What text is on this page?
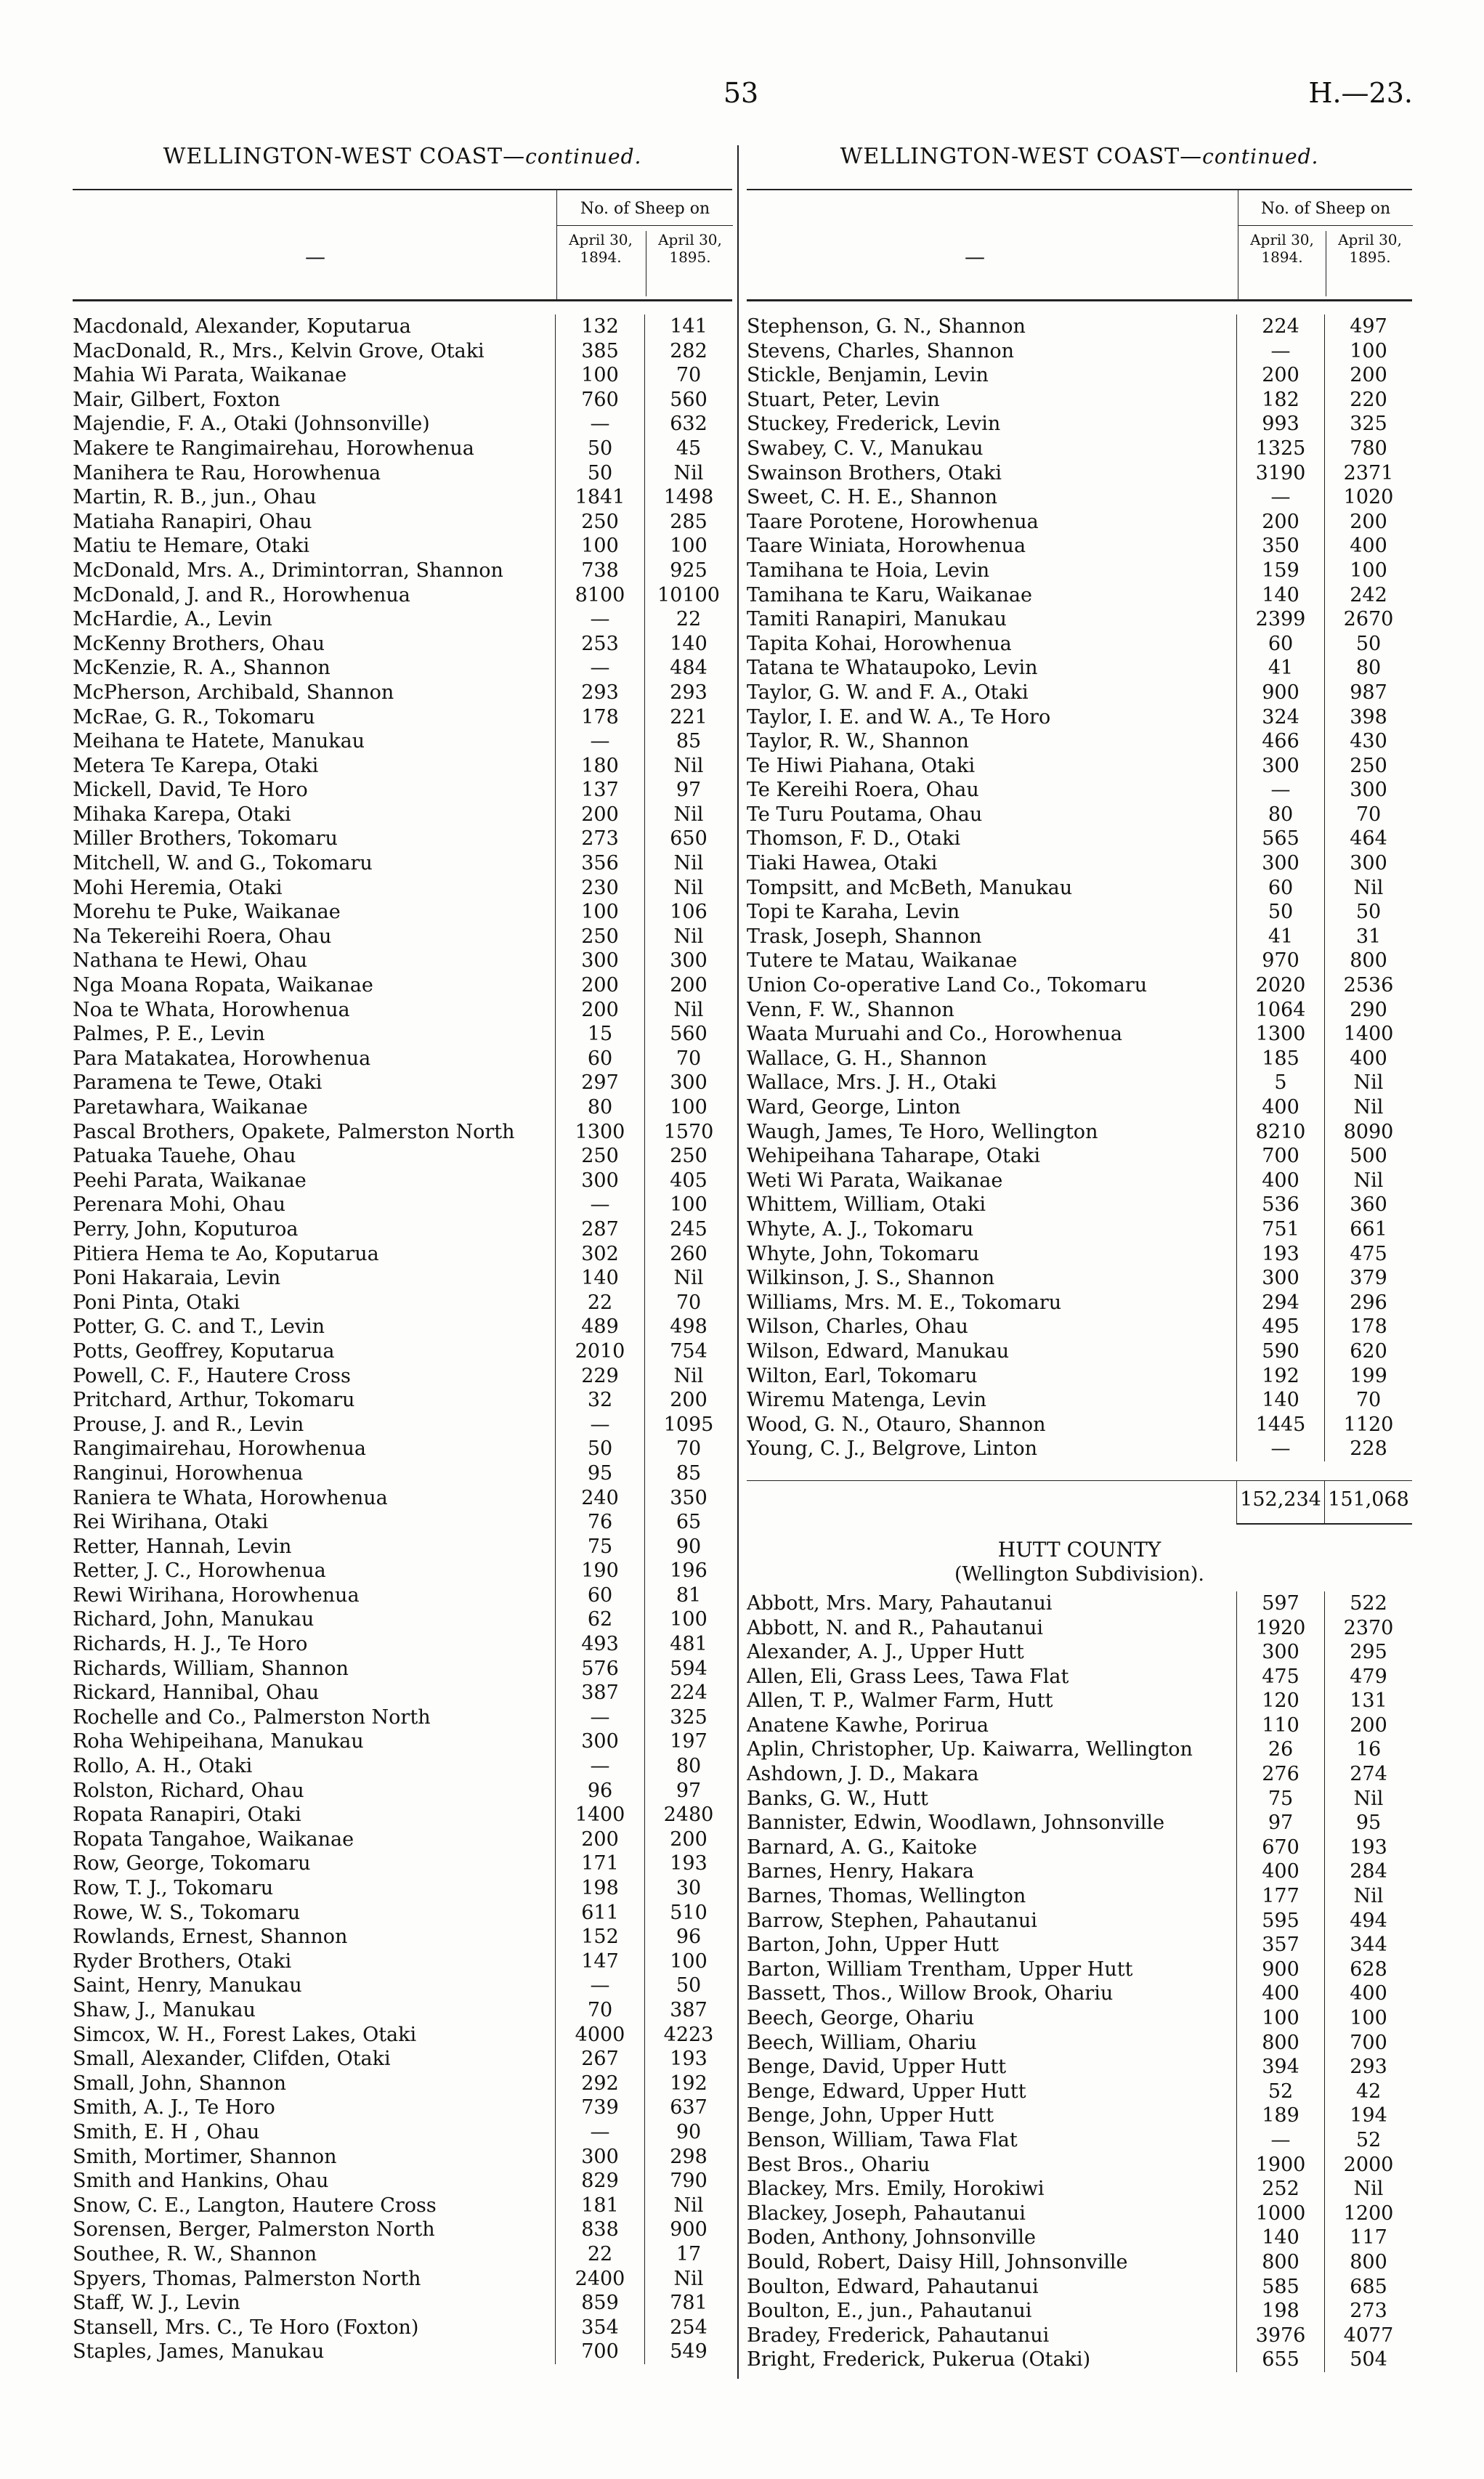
53	H.—23.
WELLINGTON-WEST COAST—continued.
—
No. of Sheep on
April 30, 1894.
April 30, 1895.
Macdonald, Alexander, Koputarua	132	141
MacDonald, R., Mrs., Kelvin Grove, Otaki	385	282
Mahia Wi Parata, Waikanae	100	70
Mair, Gilbert, Foxton	760	560
Majendie, F. A., Otaki (Johnsonville)	—	632
Makere te Rangimairehau, Horowhenua	50	45
Manihera te Rau, Horowhenua	50	Nil
Martin, R. B., jun., Ohau	1841	1498
Matiaha Ranapiri, Ohau	250	285
Matiu te Hemare, Otaki	100	100
McDonald, Mrs. A., Drimintorran, Shannon	738	925
McDonald, J. and R., Horowhenua	8100	10100
McHardie, A., Levin	—	22
McKenny Brothers, Ohau	253	140
McKenzie, R. A., Shannon	—	484
McPherson, Archibald, Shannon	293	293
McRae, G. R., Tokomaru	178	221
Meihana te Hatete, Manukau	—	85
Metera Te Karepa, Otaki	180	Nil
Mickell, David, Te Horo	137	97
Mihaka Karepa, Otaki	200	Nil
Miller Brothers, Tokomaru	273	650
Mitchell, W. and G., Tokomaru	356	Nil
Mohi Heremia, Otaki	230	Nil
Morehu te Puke, Waikanae	100	106
Na Tekereihi Roera, Ohau	250	Nil
Nathana te Hewi, Ohau	300	300
Nga Moana Ropata, Waikanae	200	200
Noa te Whata, Horowhenua	200	Nil
Palmes, P. E., Levin	15	560
Para Matakatea, Horowhenua	60	70
Paramena te Tewe, Otaki	297	300
Paretawhara, Waikanae	80	100
Pascal Brothers, Opakete, Palmerston North	1300	1570
Patuaka Tauehe, Ohau	250	250
Peehi Parata, Waikanae	300	405
Perenara Mohi, Ohau	—	100
Perry, John, Koputuroa	287	245
Pitiera Hema te Ao, Koputarua	302	260
Poni Hakaraia, Levin	140	Nil
Poni Pinta, Otaki	22	70
Potter, G. C. and T., Levin	489	498
Potts, Geoffrey, Koputarua	2010	754
Powell, C. F., Hautere Cross	229	Nil
Pritchard, Arthur, Tokomaru	32	200
Prouse, J. and R., Levin	—	1095
Rangimairehau, Horowhenua	50	70
Ranginui, Horowhenua	95	85
Raniera te Whata, Horowhenua	240	350
Rei Wirihana, Otaki	76	65
Retter, Hannah, Levin	75	90
Retter, J. C., Horowhenua	190	196
Rewi Wirihana, Horowhenua	60	81
Richard, John, Manukau	62	100
Richards, H. J., Te Horo	493	481
Richards, William, Shannon	576	594
Rickard, Hannibal, Ohau	387	224
Rochelle and Co., Palmerston North	—	325
Roha Wehipeihana, Manukau	300	197
Rollo, A. H., Otaki	—	80
Rolston, Richard, Ohau	96	97
Ropata Ranapiri, Otaki	1400	2480
Ropata Tangahoe, Waikanae	200	200
Row, George, Tokomaru	171	193
Row, T. J., Tokomaru	198	30
Rowe, W. S., Tokomaru	611	510
Rowlands, Ernest, Shannon	152	96
Ryder Brothers, Otaki	147	100
Saint, Henry, Manukau	—	50
Shaw, J., Manukau	70	387
Simcox, W. H., Forest Lakes, Otaki	4000	4223
Small, Alexander, Clifden, Otaki	267	193
Small, John, Shannon	292	192
Smith, A. J., Te Horo	739	637
Smith, E. H , Ohau	—	90
Smith, Mortimer, Shannon	300	298
Smith and Hankins, Ohau	829	790
Snow, C. E., Langton, Hautere Cross	181	Nil
Sorensen, Berger, Palmerston North	838	900
Southee, R. W., Shannon	22	17
Spyers, Thomas, Palmerston North	2400	Nil
Staff, W. J., Levin	859	781
Stansell, Mrs. C., Te Horo (Foxton)	354	254
Staples, James, Manukau	700	549
WELLINGTON-WEST COAST—continued.
—
No. of Sheep on
April 30, 1894.
April 30, 1895.
Stephenson, G. N., Shannon	224	497
Stevens, Charles, Shannon	—	100
Stickle, Benjamin, Levin	200	200
Stuart, Peter, Levin	182	220
Stuckey, Frederick, Levin	993	325
Swabey, C. V., Manukau	1325	780
Swainson Brothers, Otaki	3190	2371
Sweet, C. H. E., Shannon	—	1020
Taare Porotene, Horowhenua	200	200
Taare Winiata, Horowhenua	350	400
Tamihana te Hoia, Levin	159	100
Tamihana te Karu, Waikanae	140	242
Tamiti Ranapiri, Manukau	2399	2670
Tapita Kohai, Horowhenua	60	50
Tatana te Whataupoko, Levin	41	80
Taylor, G. W. and F. A., Otaki	900	987
Taylor, I. E. and W. A., Te Horo	324	398
Taylor, R. W., Shannon	466	430
Te Hiwi Piahana, Otaki	300	250
Te Kereihi Roera, Ohau	—	300
Te Turu Poutama, Ohau	80	70
Thomson, F. D., Otaki	565	464
Tiaki Hawea, Otaki	300	300
Tompsitt, and McBeth, Manukau	60	Nil
Topi te Karaha, Levin	50	50
Trask, Joseph, Shannon	41	31
Tutere te Matau, Waikanae	970	800
Union Co-operative Land Co., Tokomaru	2020	2536
Venn, F. W., Shannon	1064	290
Waata Muruahi and Co., Horowhenua	1300	1400
Wallace, G. H., Shannon	185	400
Wallace, Mrs. J. H., Otaki	5	Nil
Ward, George, Linton	400	Nil
Waugh, James, Te Horo, Wellington	8210	8090
Wehipeihana Taharape, Otaki	700	500
Weti Wi Parata, Waikanae	400	Nil
Whittem, William, Otaki	536	360
Whyte, A. J., Tokomaru	751	661
Whyte, John, Tokomaru	193	475
Wilkinson, J. S., Shannon	300	379
Williams, Mrs. M. E., Tokomaru	294	296
Wilson, Charles, Ohau	495	178
Wilson, Edward, Manukau	590	620
Wilton, Earl, Tokomaru	192	199
Wiremu Matenga, Levin	140	70
Wood, G. N., Otauro, Shannon	1445	1120
Young, C. J., Belgrove, Linton	—	228
152,234 151,068
HUTT COUNTY
(Wellington Subdivision).
Abbott, Mrs. Mary, Pahautanui	597	522
Abbott, N. and R., Pahautanui	1920	2370
Alexander, A. J., Upper Hutt	300	295
Allen, Eli, Grass Lees, Tawa Flat	475	479
Allen, T. P., Walmer Farm, Hutt	120	131
Anatene Kawhe, Porirua	110	200
Aplin, Christopher, Up. Kaiwarra, Wellington	26	16
Ashdown, J. D., Makara	276	274
Banks, G. W., Hutt	75	Nil
Bannister, Edwin, Woodlawn, Johnsonville	97	95
Barnard, A. G., Kaitoke	670	193
Barnes, Henry, Hakara	400	284
Barnes, Thomas, Wellington	177	Nil
Barrow, Stephen, Pahautanui	595	494
Barton, John, Upper Hutt	357	344
Barton, William Trentham, Upper Hutt	900	628
Bassett, Thos., Willow Brook, Ohariu	400	400
Beech, George, Ohariu	100	100
Beech, William, Ohariu	800	700
Benge, David, Upper Hutt	394	293
Benge, Edward, Upper Hutt	52	42
Benge, John, Upper Hutt	189	194
Benson, William, Tawa Flat	—	52
Best Bros., Ohariu	1900	2000
Blackey, Mrs. Emily, Horokiwi	252	Nil
Blackey, Joseph, Pahautanui	1000	1200
Boden, Anthony, Johnsonville	140	117
Bould, Robert, Daisy Hill, Johnsonville	800	800
Boulton, Edward, Pahautanui	585	685
Boulton, E., jun., Pahautanui	198	273
Bradey, Frederick, Pahautanui	3976	4077
Bright, Frederick, Pukerua (Otaki)	655	504
